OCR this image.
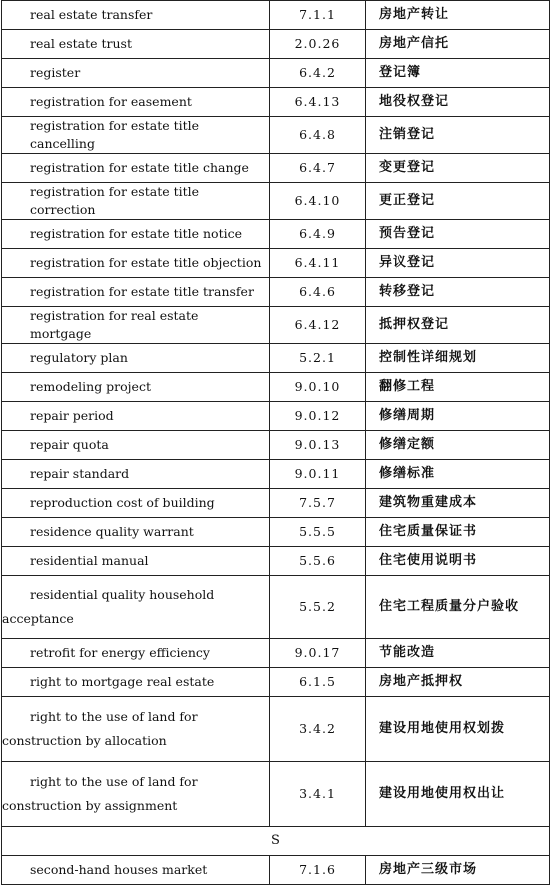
real estate transfer	7.1.1	房地产转让
real estate trust	2.0.26	房地产信托
register	6.4.2	登记簿
registration for easement	6.4.13	地役权登记
registration for estate title cancelling	6.4.8	注销登记
registration for estate title change	6.4.7	变更登记
registration for estate title correction	6.4.10	更正登记
registration for estate title notice	6.4.9	预告登记
registration for estate title objection	6.4.11	异议登记
registration for estate title transfer	6.4.6	转移登记
registration for real estate mortgage	6.4.12	抵押权登记
regulatory plan	5.2.1	控制性详细规划
remodeling project	9.0.10	翻修工程
repair period	9.0.12	修缮周期
repair quota	9.0.13	修缮定额
repair standard	9.0.11	修缮标准
reproduction cost of building	7.5.7	建筑物重建成本
residence quality warrant	5.5.5	住宅质量保证书
residential manual	5.5.6	住宅使用说明书
residential quality household acceptance	5.5.2	住宅工程质量分户验收
retrofit for energy efficiency	9.0.17	节能改造
right to mortgage real estate	6.1.5	房地产抵押权
right to the use of land for construction by allocation	3.4.2	建设用地使用权划拨
right to the use of land for construction by assignment	3.4.1	建设用地使用权出让
S		
second-hand houses market	7.1.6	房地产三级市场
